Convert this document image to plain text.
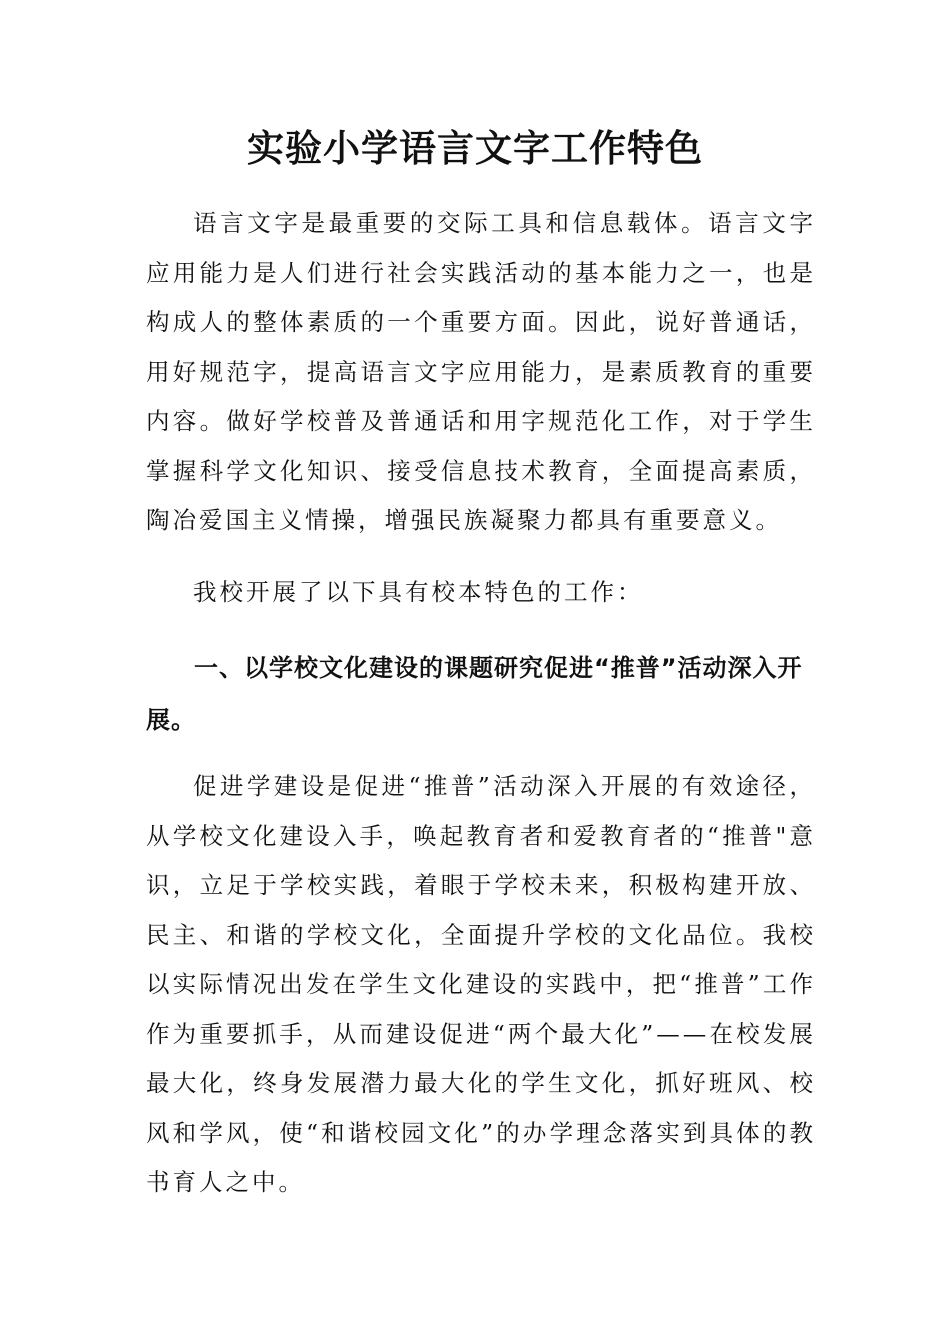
实验小学语言文字工作特色

语言文字是最重要的交际工具和信息载体。语言文字应用能力是人们进行社会实践活动的基本能力之一，也是构成人的整体素质的一个重要方面。因此，说好普通话，用好规范字，提高语言文字应用能力，是素质教育的重要内容。做好学校普及普通话和用字规范化工作，对于学生掌握科学文化知识、接受信息技术教育，全面提高素质，陶冶爱国主义情操，增强民族凝聚力都具有重要意义。

我校开展了以下具有校本特色的工作：

一、以学校文化建设的课题研究促进“推普”活动深入开展。

促进学建设是促进“推普”活动深入开展的有效途径，从学校文化建设入手，唤起教育者和爱教育者的“推普"意识，立足于学校实践，着眼于学校未来，积极构建开放、民主、和谐的学校文化，全面提升学校的文化品位。我校以实际情况出发在学生文化建设的实践中，把“推普”工作作为重要抓手，从而建设促进“两个最大化”——在校发展最大化，终身发展潜力最大化的学生文化，抓好班风、校风和学风，使“和谐校园文化”的办学理念落实到具体的教书育人之中。
